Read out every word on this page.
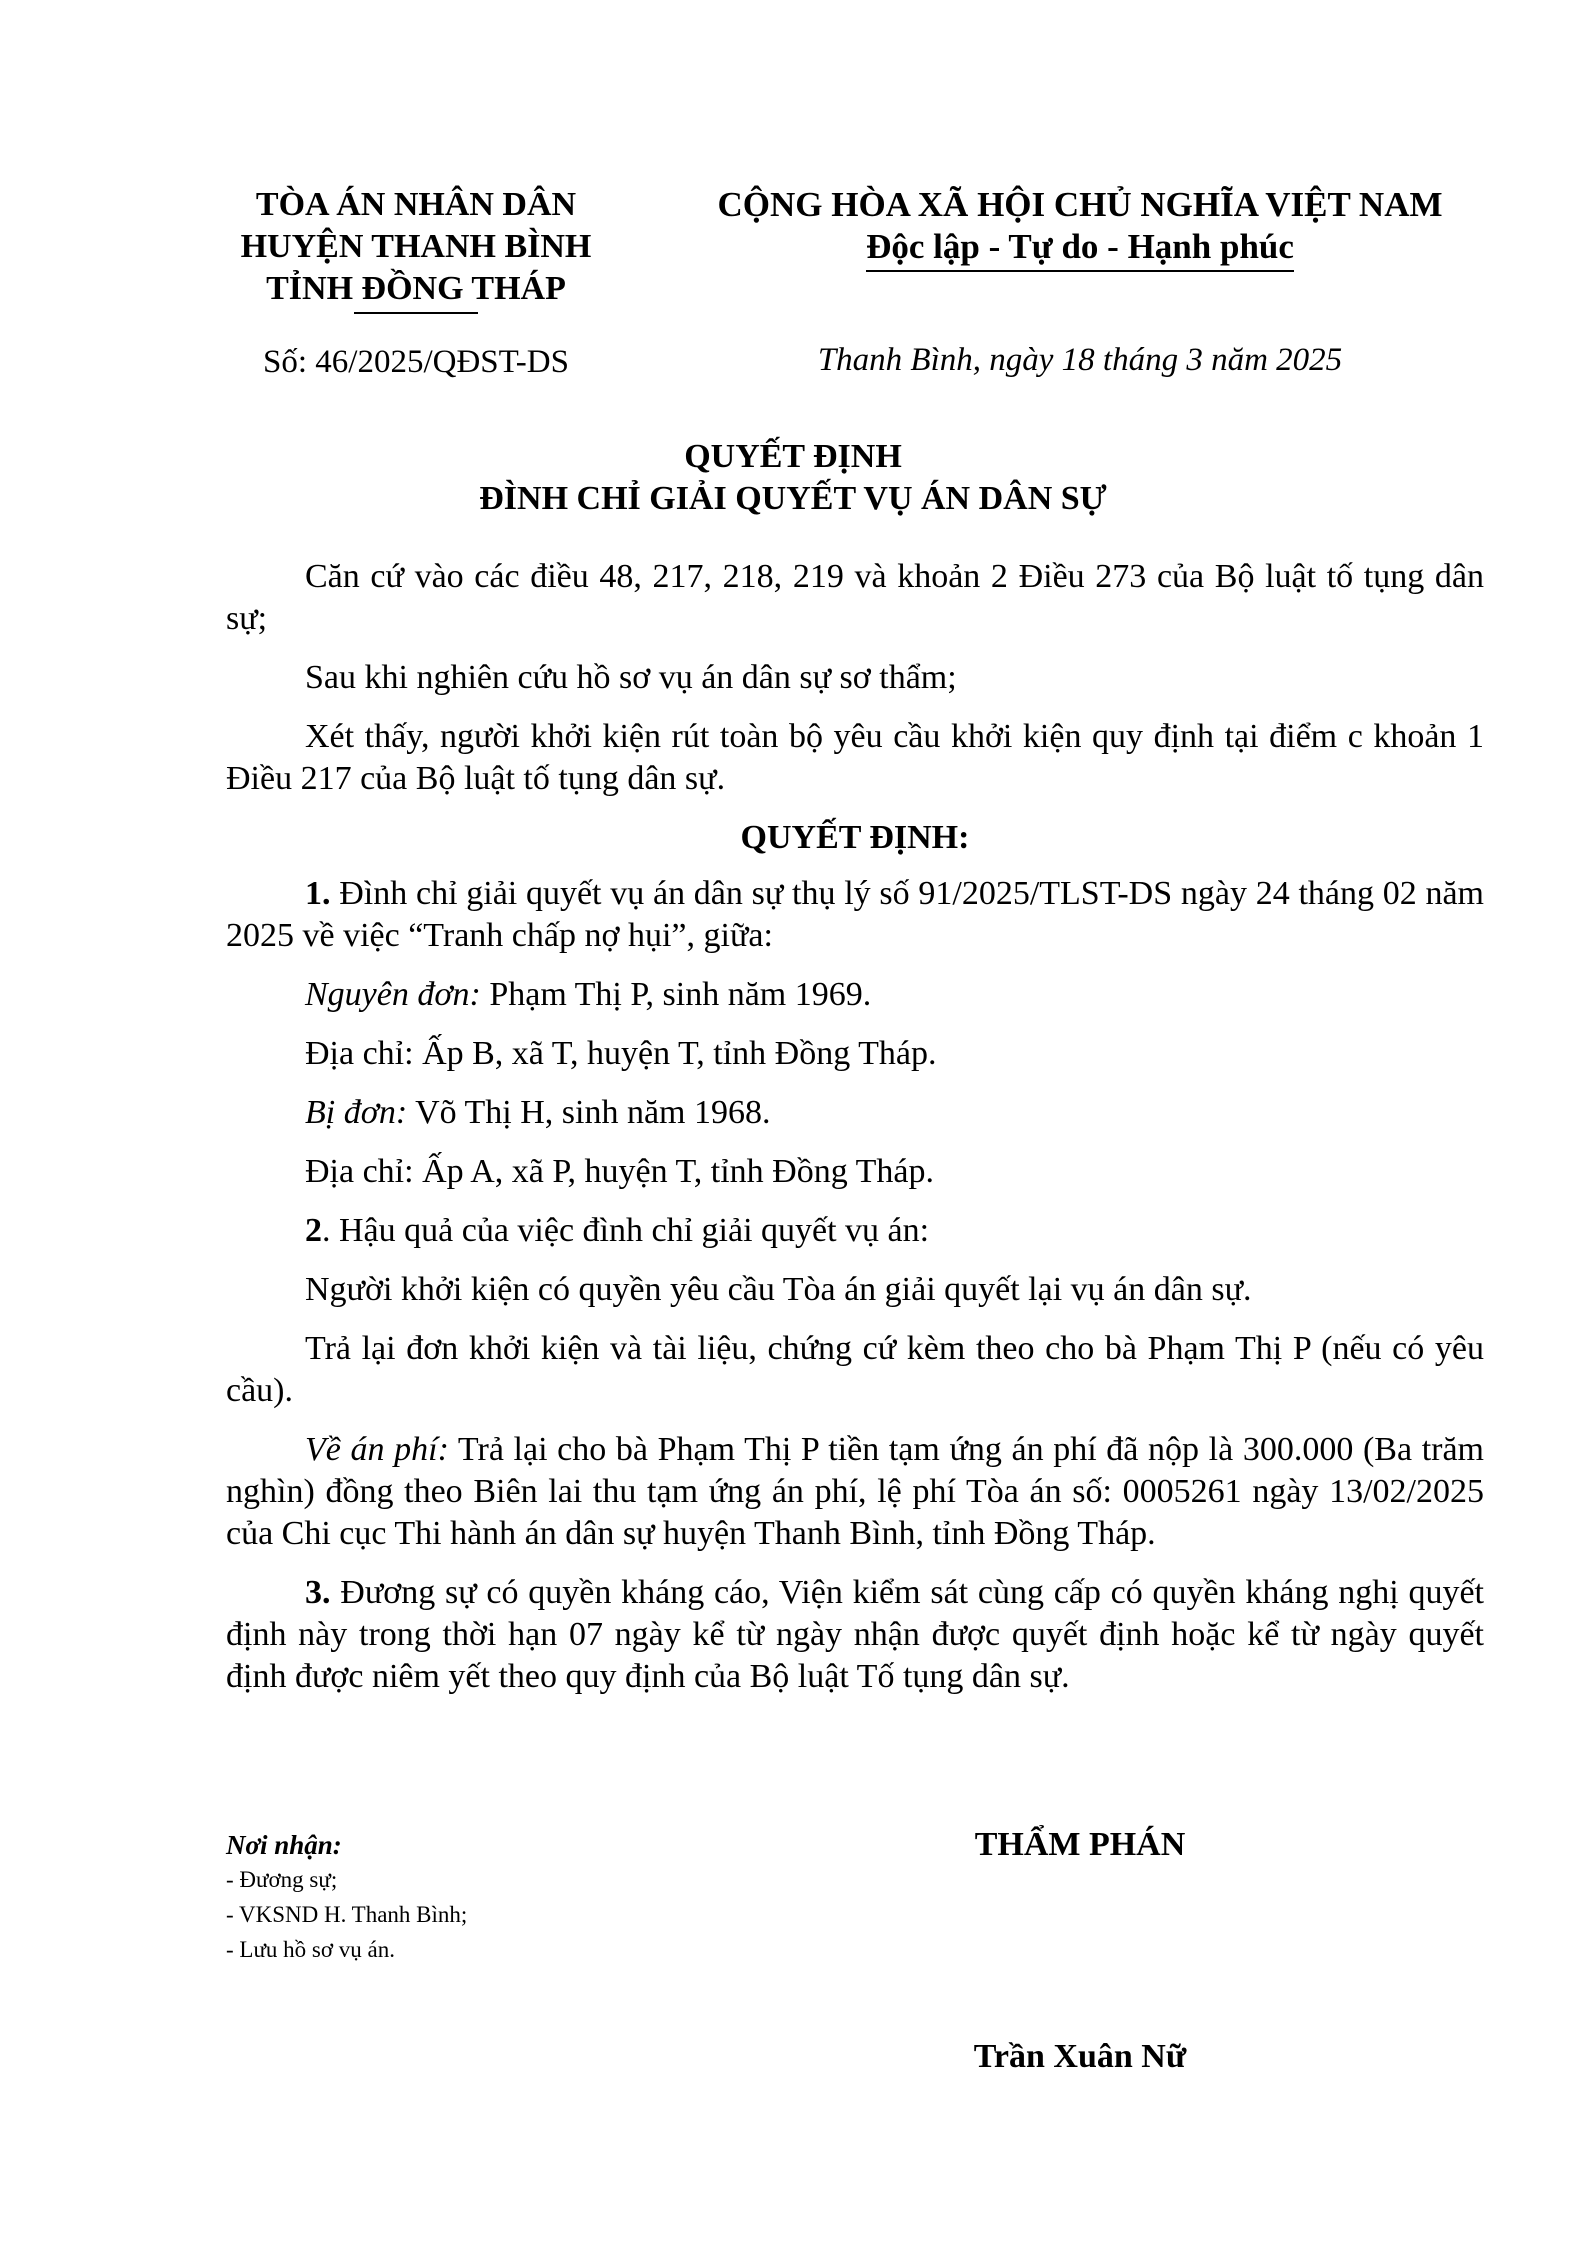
TÒA ÁN NHÂN DÂN
HUYỆN THANH BÌNH
TỈNH ĐỒNG THÁP
Số: 46/2025/QĐST-DS
CỘNG HÒA XÃ HỘI CHỦ NGHĨA VIỆT NAM
Độc lập - Tự do - Hạnh phúc
Thanh Bình, ngày 18 tháng 3 năm 2025
QUYẾT ĐỊNH
ĐÌNH CHỈ GIẢI QUYẾT VỤ ÁN DÂN SỰ

Căn cứ vào các điều 48, 217, 218, 219 và khoản 2 Điều 273 của Bộ luật tố tụng dân sự;

Sau khi nghiên cứu hồ sơ vụ án dân sự sơ thẩm;

Xét thấy, người khởi kiện rút toàn bộ yêu cầu khởi kiện quy định tại điểm c khoản 1 Điều 217 của Bộ luật tố tụng dân sự.

QUYẾT ĐỊNH:

1. Đình chỉ giải quyết vụ án dân sự thụ lý số 91/2025/TLST-DS ngày 24 tháng 02 năm 2025 về việc “Tranh chấp nợ hụi”, giữa:

Nguyên đơn: Phạm Thị P, sinh năm 1969.

Địa chỉ: Ấp B, xã T, huyện T, tỉnh Đồng Tháp.

Bị đơn: Võ Thị H, sinh năm 1968.

Địa chỉ: Ấp A, xã P, huyện T, tỉnh Đồng Tháp.

2. Hậu quả của việc đình chỉ giải quyết vụ án:

Người khởi kiện có quyền yêu cầu Tòa án giải quyết lại vụ án dân sự.

Trả lại đơn khởi kiện và tài liệu, chứng cứ kèm theo cho bà Phạm Thị P (nếu có yêu cầu).

Về án phí: Trả lại cho bà Phạm Thị P tiền tạm ứng án phí đã nộp là 300.000 (Ba trăm nghìn) đồng theo Biên lai thu tạm ứng án phí, lệ phí Tòa án số: 0005261 ngày 13/02/2025 của Chi cục Thi hành án dân sự huyện Thanh Bình, tỉnh Đồng Tháp.

3. Đương sự có quyền kháng cáo, Viện kiểm sát cùng cấp có quyền kháng nghị quyết định này trong thời hạn 07 ngày kể từ ngày nhận được quyết định hoặc kể từ ngày quyết định được niêm yết theo quy định của Bộ luật Tố tụng dân sự.

Nơi nhận:
- Đương sự;
- VKSND H. Thanh Bình;
- Lưu hồ sơ vụ án.
THẨM PHÁN
Trần Xuân Nữ
